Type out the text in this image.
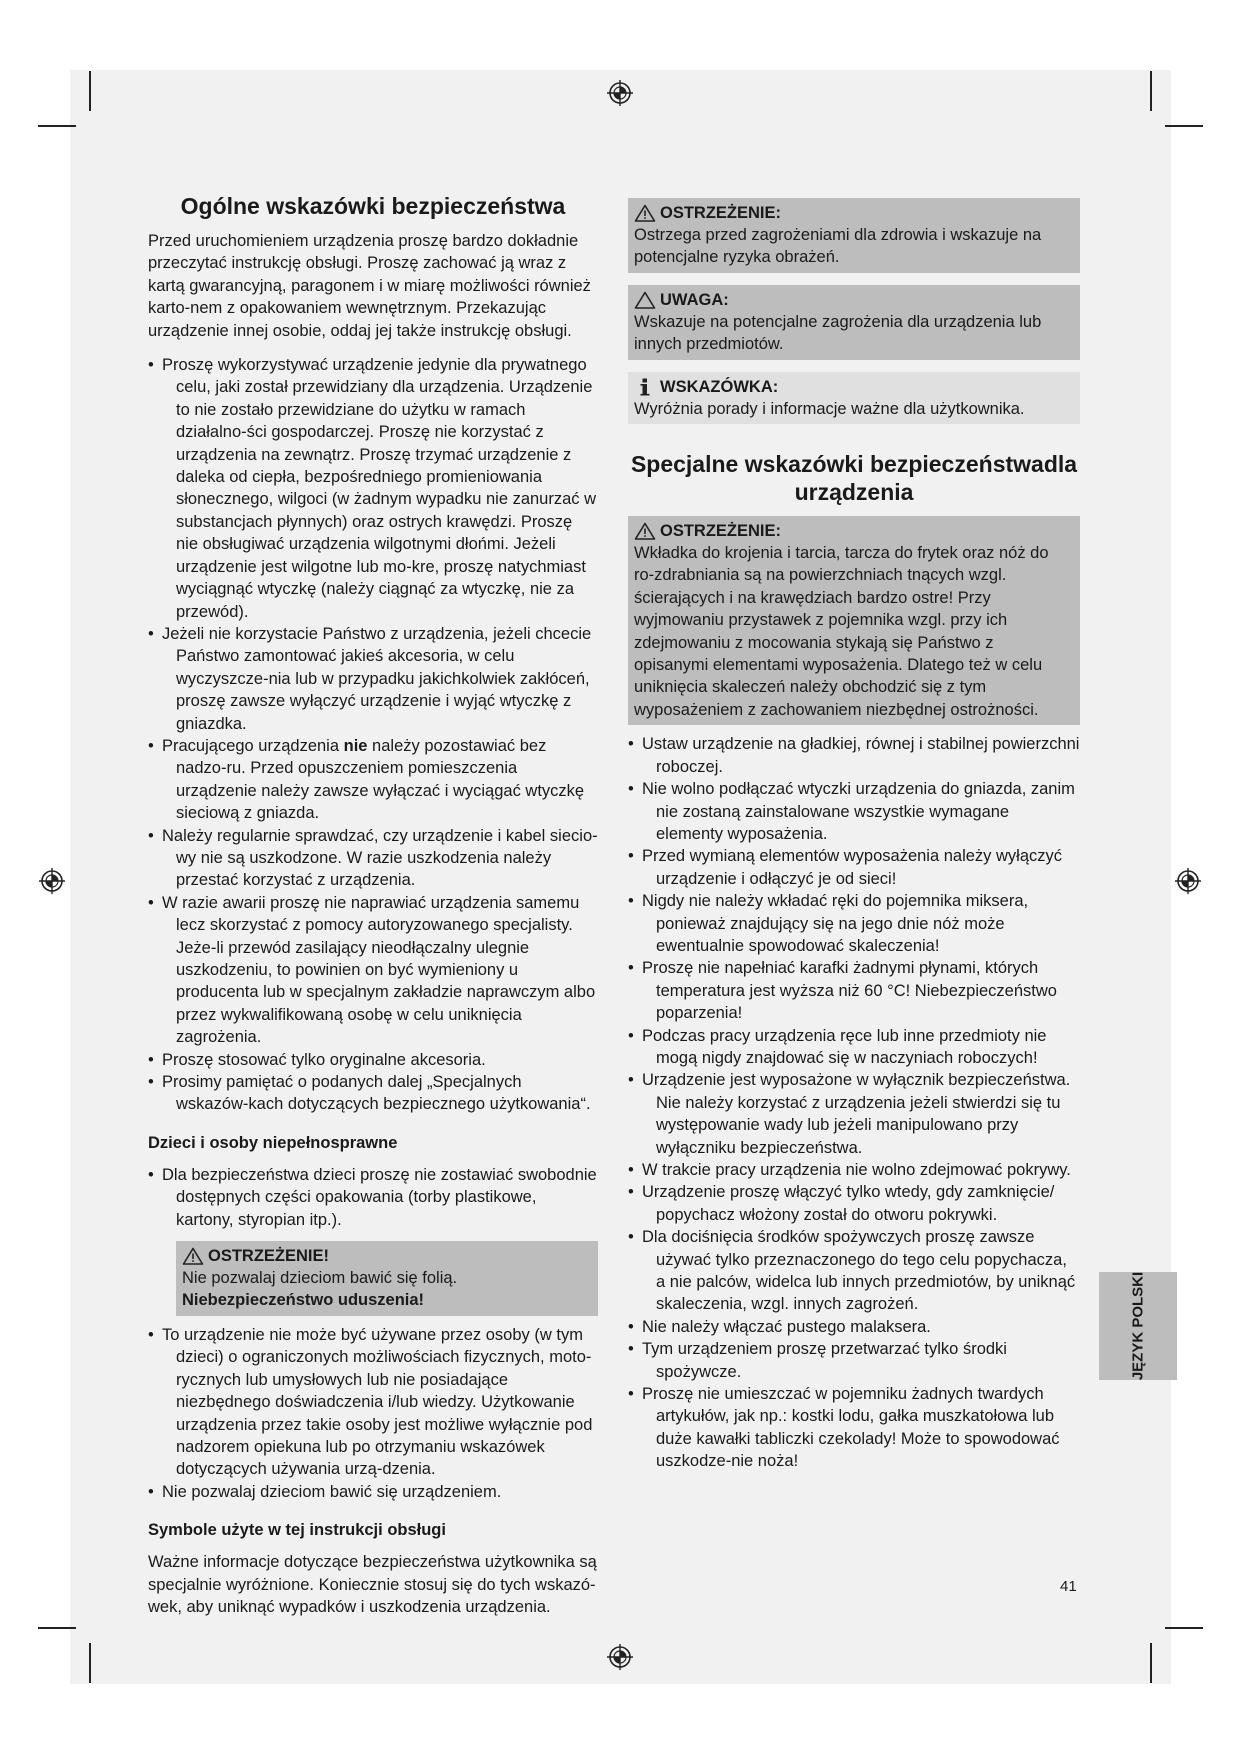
Ogólne wskazówki bezpieczeństwa

Przed uruchomieniem urządzenia proszę bardzo dokładnie przeczytać instrukcję obsługi. Proszę zachować ją wraz z kartą gwarancyjną, paragonem i w miarę możliwości również karto-nem z opakowaniem wewnętrznym. Przekazując urządzenie innej osobie, oddaj jej także instrukcję obsługi.

• Proszę wykorzystywać urządzenie jedynie dla prywatnego celu, jaki został przewidziany dla urządzenia. Urządzenie to nie zostało przewidziane do użytku w ramach działalno-ści gospodarczej. Proszę nie korzystać z urządzenia na zewnątrz. Proszę trzymać urządzenie z daleka od ciepła, bezpośredniego promieniowania słonecznego, wilgoci (w żadnym wypadku nie zanurzać w substancjach płynnych) oraz ostrych krawędzi. Proszę nie obsługiwać urządzenia wilgotnymi dłońmi. Jeżeli urządzenie jest wilgotne lub mo-kre, proszę natychmiast wyciągnąć wtyczkę (należy ciągnąć za wtyczkę, nie za przewód).
• Jeżeli nie korzystacie Państwo z urządzenia, jeżeli chcecie Państwo zamontować jakieś akcesoria, w celu wyczyszcze-nia lub w przypadku jakichkolwiek zakłóceń, proszę zawsze wyłączyć urządzenie i wyjąć wtyczkę z gniazdka.
• Pracującego urządzenia nie należy pozostawiać bez nadzo-ru. Przed opuszczeniem pomieszczenia urządzenie należy zawsze wyłączać i wyciągać wtyczkę sieciową z gniazda.
• Należy regularnie sprawdzać, czy urządzenie i kabel siecio-wy nie są uszkodzone. W razie uszkodzenia należy przestać korzystać z urządzenia.
• W razie awarii proszę nie naprawiać urządzenia samemu lecz skorzystać z pomocy autoryzowanego specjalisty. Jeże-li przewód zasilający nieodłączalny ulegnie uszkodzeniu, to powinien on być wymieniony u producenta lub w specjalnym zakładzie naprawczym albo przez wykwalifikowaną osobę w celu uniknięcia zagrożenia.
• Proszę stosować tylko oryginalne akcesoria.
• Prosimy pamiętać o podanych dalej „Specjalnych wskazów-kach dotyczących bezpiecznego użytkowania“.

Dzieci i osoby niepełnosprawne

• Dla bezpieczeństwa dzieci proszę nie zostawiać swobodnie dostępnych części opakowania (torby plastikowe, kartony, styropian itp.).
OSTRZEŻENIE!

Nie pozwalaj dzieciom bawić się folią.

Niebezpieczeństwo uduszenia!

• To urządzenie nie może być używane przez osoby (w tym dzieci) o ograniczonych możliwościach fizycznych, moto-rycznych lub umysłowych lub nie posiadające niezbędnego doświadczenia i/lub wiedzy. Użytkowanie urządzenia przez takie osoby jest możliwe wyłącznie pod nadzorem opiekuna lub po otrzymaniu wskazówek dotyczących używania urzą-dzenia.
• Nie pozwalaj dzieciom bawić się urządzeniem.

Symbole użyte w tej instrukcji obsługi

Ważne informacje dotyczące bezpieczeństwa użytkownika są specjalnie wyróżnione. Koniecznie stosuj się do tych wskazó-wek, aby uniknąć wypadków i uszkodzenia urządzenia.

OSTRZEŻENIE:

Ostrzega przed zagrożeniami dla zdrowia i wskazuje na potencjalne ryzyka obrażeń.

UWAGA:

Wskazuje na potencjalne zagrożenia dla urządzenia lub innych przedmiotów.

WSKAZÓWKA:

Wyróżnia porady i informacje ważne dla użytkownika.

Specjalne wskazówki bezpieczeństwadla
urządzenia

OSTRZEŻENIE:

Wkładka do krojenia i tarcia, tarcza do frytek oraz nóż do ro-zdrabniania są na powierzchniach tnących wzgl. ścierających i na krawędziach bardzo ostre! Przy wyjmowaniu przystawek z pojemnika wzgl. przy ich zdejmowaniu z mocowania stykają się Państwo z opisanymi elementami wyposażenia. Dlatego też w celu uniknięcia skaleczeń należy obchodzić się z tym wyposażeniem z zachowaniem niezbędnej ostrożności.

• Ustaw urządzenie na gładkiej, równej i stabilnej powierzchni roboczej.
• Nie wolno podłączać wtyczki urządzenia do gniazda, zanim nie zostaną zainstalowane wszystkie wymagane elementy wyposażenia.
• Przed wymianą elementów wyposażenia należy wyłączyć urządzenie i odłączyć je od sieci!
• Nigdy nie należy wkładać ręki do pojemnika miksera, ponieważ znajdujący się na jego dnie nóż może ewentualnie spowodować skaleczenia!
• Proszę nie napełniać karafki żadnymi płynami, których temperatura jest wyższa niż 60 °C! Niebezpieczeństwo poparzenia!
• Podczas pracy urządzenia ręce lub inne przedmioty nie mogą nigdy znajdować się w naczyniach roboczych!
• Urządzenie jest wyposażone w wyłącznik bezpieczeństwa. Nie należy korzystać z urządzenia jeżeli stwierdzi się tu występowanie wady lub jeżeli manipulowano przy wyłączniku bezpieczeństwa.
• W trakcie pracy urządzenia nie wolno zdejmować pokrywy.
• Urządzenie proszę włączyć tylko wtedy, gdy zamknięcie/ popychacz włożony został do otworu pokrywki.
• Dla dociśnięcia środków spożywczych proszę zawsze używać tylko przeznaczonego do tego celu popychacza, a nie palców, widelca lub innych przedmiotów, by uniknąć skaleczenia, wzgl. innych zagrożeń.
• Nie należy włączać pustego malaksera.
• Tym urządzeniem proszę przetwarzać tylko środki spożywcze.
• Proszę nie umieszczać w pojemniku żadnych twardych artykułów, jak np.: kostki lodu, gałka muszkatołowa lub duże kawałki tabliczki czekolady! Może to spowodować uszkodze-nie noża!
JĘZYK POLSKI
41
